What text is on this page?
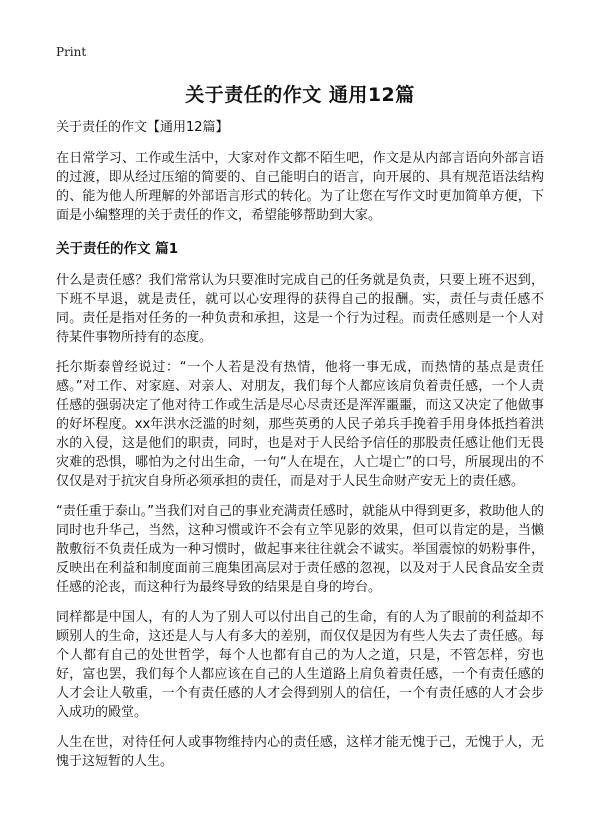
Print
关于责任的作文 通用12篇

关于责任的作文【通用12篇】

在日常学习、工作或生活中，大家对作文都不陌生吧，作文是从内部言语向外部言语的过渡，即从经过压缩的简要的、自己能明白的语言，向开展的、具有规范语法结构的、能为他人所理解的外部语言形式的转化。为了让您在写作文时更加简单方便，下面是小编整理的关于责任的作文，希望能够帮助到大家。

关于责任的作文 篇1

什么是责任感？我们常常认为只要准时完成自己的任务就是负责，只要上班不迟到，下班不早退，就是责任，就可以心安理得的获得自己的报酬。实，责任与责任感不同。责任是指对任务的一种负责和承担，这是一个行为过程。而责任感则是一个人对待某件事物所持有的态度。

托尔斯泰曾经说过：“一个人若是没有热情，他将一事无成，而热情的基点是责任感。”对工作、对家庭、对亲人、对朋友，我们每个人都应该肩负着责任感，一个人责任感的强弱决定了他对待工作或生活是尽心尽责还是浑浑噩噩，而这又决定了他做事的好坏程度。xx年洪水泛滥的时刻，那些英勇的人民子弟兵手挽着手用身体抵挡着洪水的入侵，这是他们的职责，同时，也是对于人民给予信任的那股责任感让他们无畏灾难的恐惧，哪怕为之付出生命，一句“人在堤在，人亡堤亡”的口号，所展现出的不仅仅是对于抗灾自身所必须承担的责任，而是对于人民生命财产安无上的责任感。

“责任重于泰山。”当我们对自己的事业充满责任感时，就能从中得到更多，救助他人的同时也升华己，当然，这种习惯或许不会有立竿见影的效果，但可以肯定的是，当懒散敷衍不负责任成为一种习惯时，做起事来往往就会不诚实。举国震惊的奶粉事件，反映出在利益和制度面前三鹿集团高层对于责任感的忽视，以及对于人民食品安全责任感的沦丧，而这种行为最终导致的结果是自身的垮台。

同样都是中国人，有的人为了别人可以付出自己的生命，有的人为了眼前的利益却不顾别人的生命，这还是人与人有多大的差别，而仅仅是因为有些人失去了责任感。每个人都有自己的处世哲学，每个人也都有自己的为人之道，只是，不管怎样，穷也好，富也罢，我们每个人都应该在自己的人生道路上肩负着责任感，一个有责任感的人才会让人敬重，一个有责任感的人才会得到别人的信任，一个有责任感的人才会步入成功的殿堂。

人生在世，对待任何人或事物维持内心的责任感，这样才能无愧于己，无愧于人，无愧于这短暂的人生。
